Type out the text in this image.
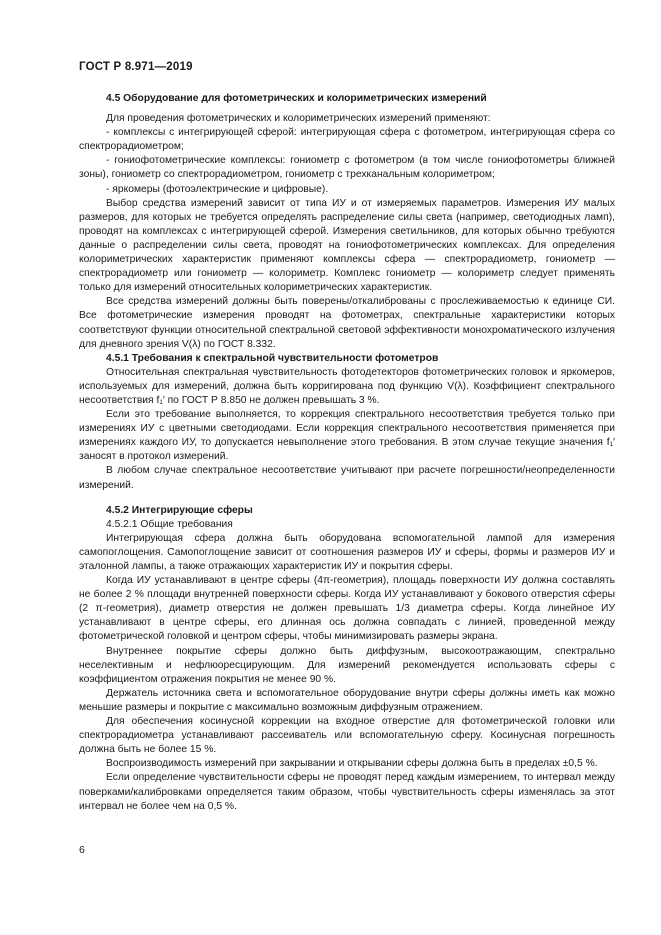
ГОСТ Р 8.971—2019

4.5 Оборудование для фотометрических и колориметрических измерений

Для проведения фотометрических и колориметрических измерений применяют:

- комплексы с интегрирующей сферой: интегрирующая сфера с фотометром, интегрирующая сфера со спектрорадиометром;

- гониофотометрические комплексы: гониометр с фотометром (в том числе гониофотометры ближней зоны), гониометр со спектрорадиометром, гониометр с трехканальным колориметром;

- яркомеры (фотоэлектрические и цифровые).

Выбор средства измерений зависит от типа ИУ и от измеряемых параметров. Измерения ИУ малых размеров, для которых не требуется определять распределение силы света (например, светодиодных ламп), проводят на комплексах с интегрирующей сферой. Измерения светильников, для которых обычно требуются данные о распределении силы света, проводят на гониофотометрических комплексах. Для определения колориметрических характеристик применяют комплексы сфера — спектрорадиометр, гониометр — спектрорадиометр или гониометр — колориметр. Комплекс гониометр — колориметр следует применять только для измерений относительных колориметрических характеристик.

Все средства измерений должны быть поверены/откалиброваны с прослеживаемостью к единице CИ. Все фотометрические измерения проводят на фотометрах, спектральные характеристики которых соответствуют функции относительной спектральной световой эффективности монохроматического излучения для дневного зрения V(λ) по ГОСТ 8.332.

4.5.1 Требования к спектральной чувствительности фотометров

Относительная спектральная чувствительность фотодетекторов фотометрических головок и яркомеров, используемых для измерений, должна быть корригирована под функцию V(λ). Коэффициент спектрального несоответствия f₁′ по ГОСТ Р 8.850 не должен превышать 3 %.

Если это требование выполняется, то коррекция спектрального несоответствия требуется только при измерениях ИУ с цветными светодиодами. Если коррекция спектрального несоответствия применяется при измерениях каждого ИУ, то допускается невыполнение этого требования. В этом случае текущие значения f₁′ заносят в протокол измерений.

В любом случае спектральное несоответствие учитывают при расчете погрешности/неопределенности измерений.

4.5.2 Интегрирующие сферы

4.5.2.1 Общие требования

Интегрирующая сфера должна быть оборудована вспомогательной лампой для измерения самопоглощения. Самопоглощение зависит от соотношения размеров ИУ и сферы, формы и размеров ИУ и эталонной лампы, а также отражающих характеристик ИУ и покрытия сферы.

Когда ИУ устанавливают в центре сферы (4π-геометрия), площадь поверхности ИУ должна составлять не более 2 % площади внутренней поверхности сферы. Когда ИУ устанавливают у бокового отверстия сферы (2 π-геометрия), диаметр отверстия не должен превышать 1/3 диаметра сферы. Когда линейное ИУ устанавливают в центре сферы, его длинная ось должна совпадать с линией, проведенной между фотометрической головкой и центром сферы, чтобы минимизировать размеры экрана.

Внутреннее покрытие сферы должно быть диффузным, высокоотражающим, спектрально неселективным и нефлюоресцирующим. Для измерений рекомендуется использовать сферы с коэффициентом отражения покрытия не менее 90 %.

Держатель источника света и вспомогательное оборудование внутри сферы должны иметь как можно меньшие размеры и покрытие с максимально возможным диффузным отражением.

Для обеспечения косинусной коррекции на входное отверстие для фотометрической головки или спектрорадиометра устанавливают рассеиватель или вспомогательную сферу. Косинусная погрешность должна быть не более 15 %.

Воспроизводимость измерений при закрывании и открывании сферы должна быть в пределах ±0,5 %.

Если определение чувствительности сферы не проводят перед каждым измерением, то интервал между поверками/калибровками определяется таким образом, чтобы чувствительность сферы изменялась за этот интервал не более чем на 0,5 %.

6
